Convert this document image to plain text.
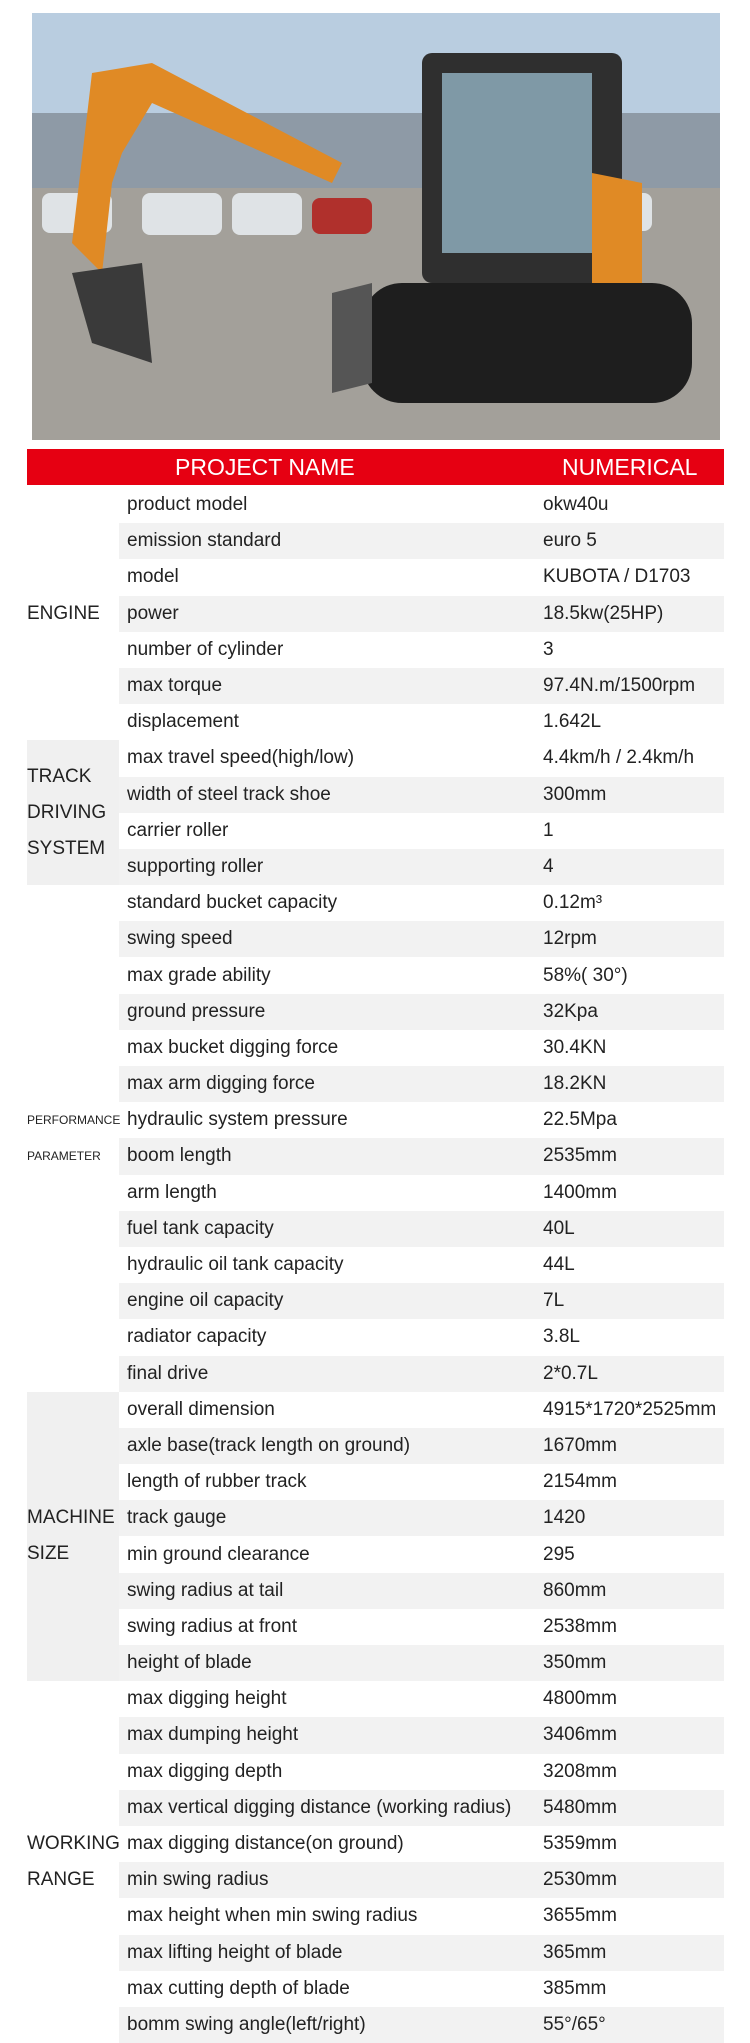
PROJECT NAME	NUMERICAL
ENGINE
product model	okw40u
emission standard	euro 5
model	KUBOTA / D1703
power	18.5kw(25HP)
number of cylinder	3
max torque	97.4N.m/1500rpm
displacement	1.642L
TRACK
DRIVING
SYSTEM
max travel speed(high/low)	4.4km/h / 2.4km/h
width of steel track shoe	300mm
carrier roller	1
supporting roller	4
PERFORMANCE
PARAMETER
standard bucket capacity	0.12m³
swing speed	12rpm
max grade ability	58%( 30°)
ground pressure	32Kpa
max bucket digging force	30.4KN
max arm digging force	18.2KN
hydraulic system pressure	22.5Mpa
boom length	2535mm
arm length	1400mm
fuel tank capacity	40L
hydraulic oil tank capacity	44L
engine oil capacity	7L
radiator capacity	3.8L
final drive	2*0.7L
MACHINE
SIZE
overall dimension	4915*1720*2525mm
axle base(track length on ground)	1670mm
length of rubber track	2154mm
track gauge	1420
min ground clearance	295
swing radius at tail	860mm
swing radius at front	2538mm
height of blade	350mm
WORKING
RANGE
max digging height	4800mm
max dumping height	3406mm
max digging depth	3208mm
max vertical digging distance (working radius)	5480mm
max digging distance(on ground)	5359mm
min swing radius	2530mm
max height when min swing radius	3655mm
max lifting height of blade	365mm
max cutting depth of blade	385mm
bomm swing angle(left/right)	55°/65°
